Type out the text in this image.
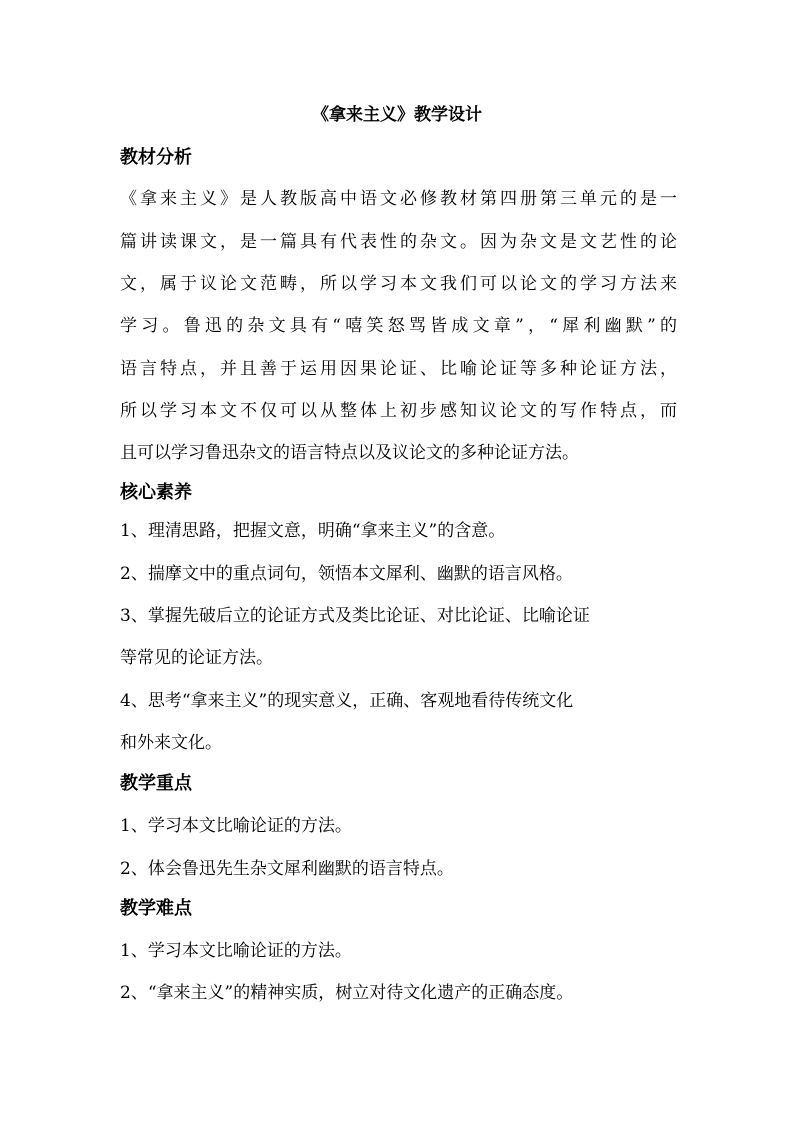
《拿来主义》教学设计
教材分析
《拿来主义》是人教版高中语文必修教材第四册第三单元的是一
篇讲读课文，是一篇具有代表性的杂文。因为杂文是文艺性的论
文，属于议论文范畴，所以学习本文我们可以论文的学习方法来
学习。鲁迅的杂文具有“嘻笑怒骂皆成文章”，“犀利幽默”的
语言特点，并且善于运用因果论证、比喻论证等多种论证方法，
所以学习本文不仅可以从整体上初步感知议论文的写作特点，而
且可以学习鲁迅杂文的语言特点以及议论文的多种论证方法。
核心素养
1、理清思路，把握文意，明确“拿来主义”的含意。
2、揣摩文中的重点词句，领悟本文犀利、幽默的语言风格。
3、掌握先破后立的论证方式及类比论证、对比论证、比喻论证
等常见的论证方法。
4、思考“拿来主义”的现实意义，正确、客观地看待传统文化
和外来文化。
教学重点
1、学习本文比喻论证的方法。
2、体会鲁迅先生杂文犀利幽默的语言特点。
教学难点
1、学习本文比喻论证的方法。
2、“拿来主义”的精神实质，树立对待文化遗产的正确态度。
